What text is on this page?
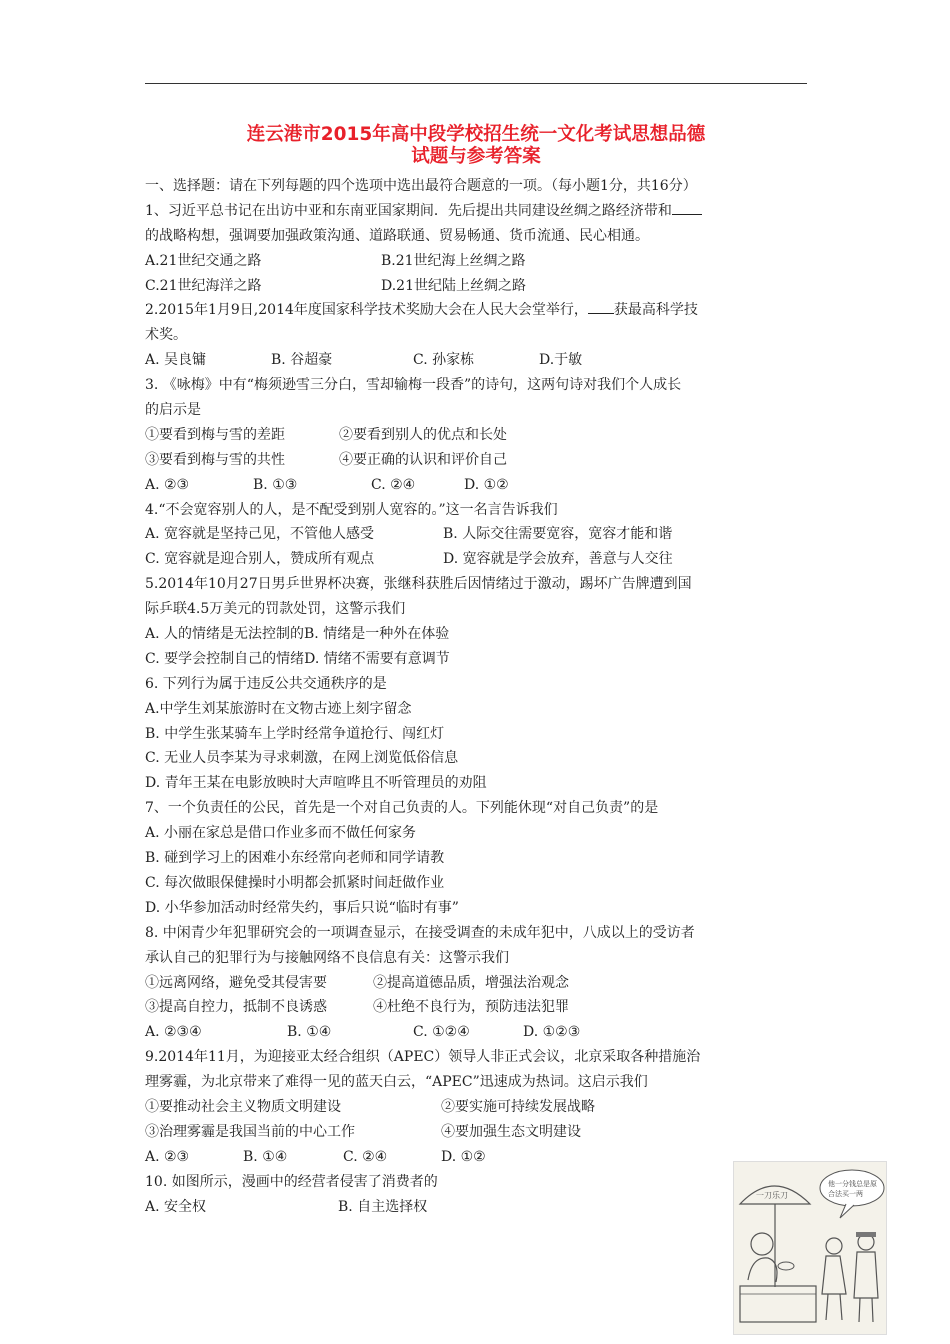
连云港市2015年高中段学校招生统一文化考试思想品德
试题与参考答案
一、选择题：请在下列每题的四个选项中选出最符合题意的一项。（每小题1分，共16分）
1、习近平总书记在出访中亚和东南亚国家期间．先后提出共同建设丝绸之路经济带和
的战略构想，强调要加强政策沟通、道路联通、贸易畅通、货币流通、民心相通。
A.21世纪交通之路	B.21世纪海上丝绸之路
C.21世纪海洋之路	D.21世纪陆上丝绸之路
2.2015年1月9日,2014年度国家科学技术奖励大会在人民大会堂举行， 获最高科学技
术奖。
A. 吴良镛	B. 谷超豪	C. 孙家栋	D.于敏
3. 《咏梅》中有“梅须逊雪三分白，雪却输梅一段香”的诗句，这两句诗对我们个人成长
的启示是
①要看到梅与雪的差距	②要看到别人的优点和长处
③要看到梅与雪的共性	④要正确的认识和评价自己
A. ②③	B. ①③	C. ②④	D. ①②
4.“不会宽容别人的人，是不配受到别人宽容的。”这一名言告诉我们
A. 宽容就是坚持己见，不管他人感受	B. 人际交往需要宽容，宽容才能和谐
C. 宽容就是迎合别人，赞成所有观点	D. 宽容就是学会放弃，善意与人交往
5.2014年10月27日男乒世界杯决赛，张继科获胜后因情绪过于激动，踢坏广告牌遭到国
际乒联4.5万美元的罚款处罚，这警示我们
A. 人的情绪是无法控制的B. 情绪是一种外在体验
C. 要学会控制自己的情绪D. 情绪不需要有意调节
6. 下列行为属于违反公共交通秩序的是
A.中学生刘某旅游时在文物古迹上刻字留念
B. 中学生张某骑车上学时经常争道抢行、闯红灯
C. 无业人员李某为寻求刺激，在网上浏览低俗信息
D. 青年王某在电影放映时大声喧哗且不听管理员的劝阻
7、一个负责任的公民，首先是一个对自己负责的人。下列能休现“对自己负责”的是
A. 小丽在家总是借口作业多而不做任何家务
B. 碰到学习上的困难小东经常向老师和同学请教
C. 每次做眼保健操时小明都会抓紧时间赶做作业
D. 小华参加活动时经常失约，事后只说“临时有事”
8. 中闲青少年犯罪研究会的一项调查显示，在接受调查的未成年犯中，八成以上的受访者
承认自己的犯罪行为与接触网络不良信息有关：这警示我们
①远离网络，避免受其侵害要	②提高道德品质，增强法治观念
③提高自控力，抵制不良诱惑	④杜绝不良行为，预防违法犯罪
A. ②③④	B. ①④	C. ①②④	D. ①②③
9.2014年11月，为迎接亚太经合组织（APEC）领导人非正式会议，北京采取各种措施治
理雾霾，为北京带来了难得一见的蓝天白云，“APEC”迅速成为热词。这启示我们
①要推动社会主义物质文明建设	②要实施可持续发展战略
③治理雾霾是我国当前的中心工作	④要加强生态文明建设
A. ②③	B. ①④	C. ②④	D. ①②
10. 如图所示，漫画中的经营者侵害了消费者的
A. 安全权	B. 自主选择权
一刀乐刀
他一分钱总是原
合法买一两
